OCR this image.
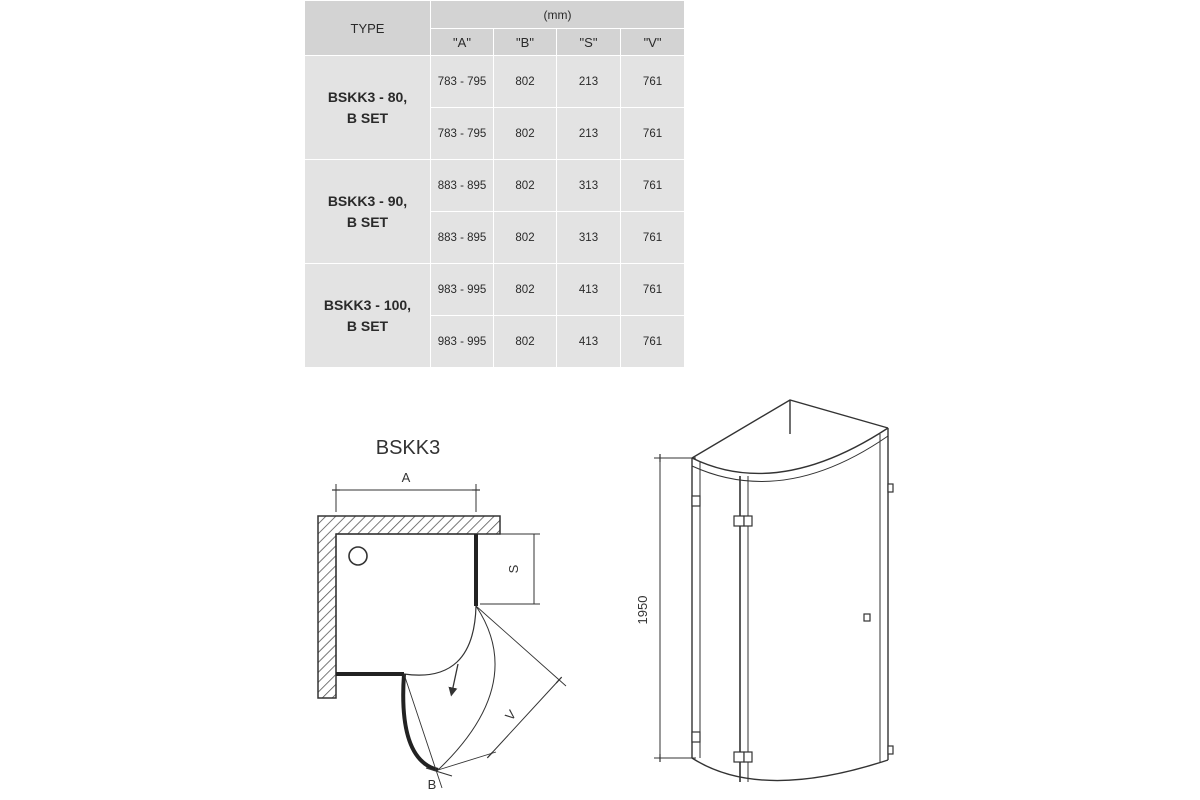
TYPE	(mm)			
	"A"	"B"	"S"	"V"
BSKK3 - 80,
B SET	783 - 795	802	213	761
	783 - 795	802	213	761
BSKK3 - 90,
B SET	883 - 895	802	313	761
	883 - 895	802	313	761
BSKK3 - 100,
B SET	983 - 995	802	413	761
	983 - 995	802	413	761
BSKK3
A
S
V
B
1950
